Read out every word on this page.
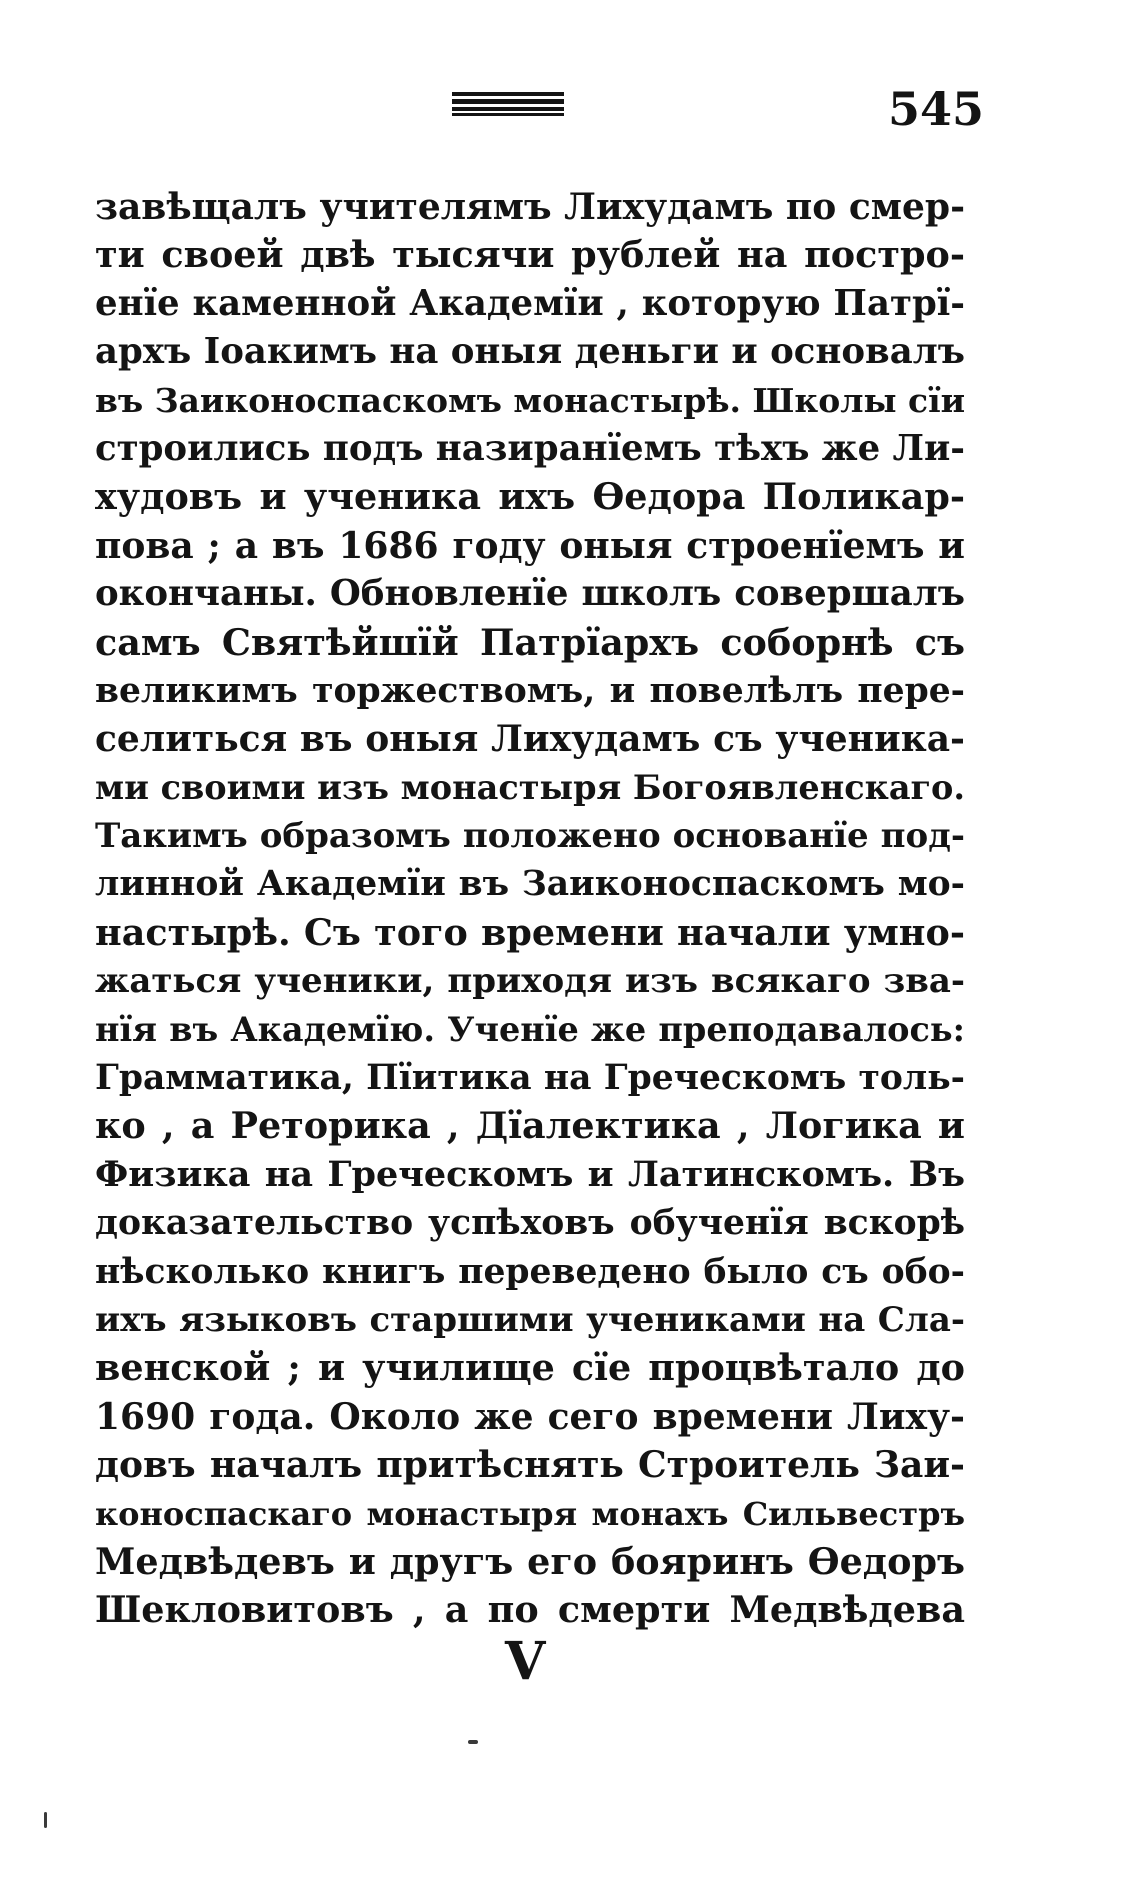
545
завѣщалъ учителямъ Лихудамъ по смер-
ти своей двѣ тысячи рублей на постро-
енїе каменной Академїи , которую Патрї-
архъ Іоакимъ на оныя деньги и основалъ
въ Заиконоспаскомъ монастырѣ. Школы сїи
строились подъ назиранїемъ тѣхъ же Ли-
худовъ и ученика ихъ Ѳедора Поликар-
пова ; а въ 1686 году оныя строенїемъ и
окончаны. Обновленїе школъ совершалъ
самъ Святѣйшїй Патрїархъ соборнѣ съ
великимъ торжествомъ, и повелѣлъ пере-
селиться въ оныя Лихудамъ съ ученика-
ми своими изъ монастыря Богоявленскаго.
Такимъ образомъ положено основанїе под-
линной Академїи въ Заиконоспаскомъ мо-
настырѣ. Съ того времени начали умно-
жаться ученики, приходя изъ всякаго зва-
нїя въ Академїю. Ученїе же преподавалось:
Грамматика, Пїитика на Греческомъ толь-
ко , а Реторика , Дїалектика , Логика и
Физика на Греческомъ и Латинскомъ. Въ
доказательство успѣховъ обученїя вскорѣ
нѣсколько книгъ переведено было съ обо-
ихъ языковъ старшими учениками на Сла-
венской ; и училище сїе процвѣтало до
1690 года. Около же сего времени Лиху-
довъ началъ притѣснять Строитель Заи-
коноспаскаго монастыря монахъ Сильвестръ
Медвѣдевъ и другъ его бояринъ Ѳедоръ
Шекловитовъ , а по смерти Медвѣдева
V
